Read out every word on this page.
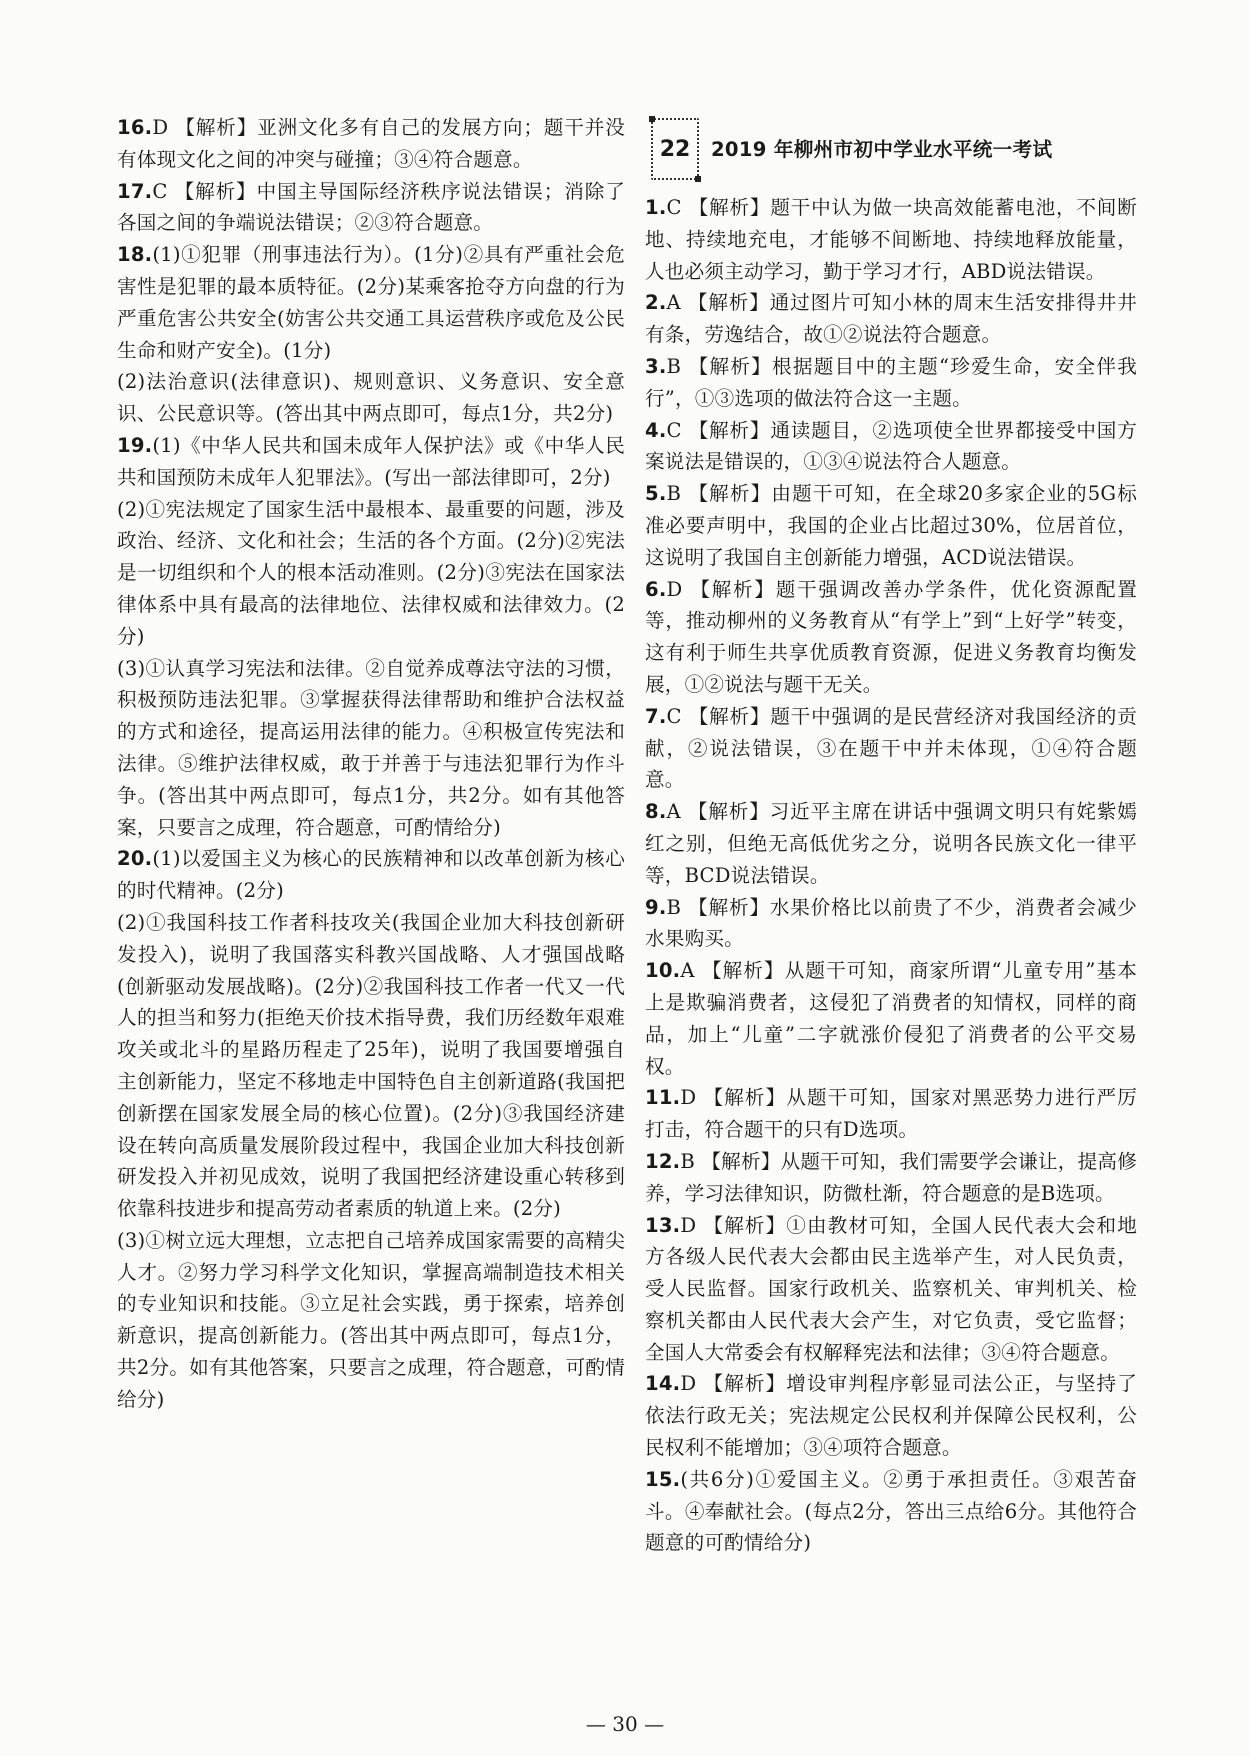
16.D 【解析】亚洲文化多有自己的发展方向；题干并没有体现文化之间的冲突与碰撞；③④符合题意。

17.C 【解析】中国主导国际经济秩序说法错误；消除了各国之间的争端说法错误；②③符合题意。

18.(1)①犯罪（刑事违法行为）。(1分)②具有严重社会危害性是犯罪的最本质特征。(2分)某乘客抢夺方向盘的行为严重危害公共安全(妨害公共交通工具运营秩序或危及公民生命和财产安全)。(1分)

(2)法治意识(法律意识)、规则意识、义务意识、安全意识、公民意识等。(答出其中两点即可，每点1分，共2分)

19.(1)《中华人民共和国未成年人保护法》或《中华人民共和国预防未成年人犯罪法》。(写出一部法律即可，2分)

(2)①宪法规定了国家生活中最根本、最重要的问题，涉及政治、经济、文化和社会；生活的各个方面。(2分)②宪法是一切组织和个人的根本活动准则。(2分)③宪法在国家法律体系中具有最高的法律地位、法律权威和法律效力。(2分)

(3)①认真学习宪法和法律。②自觉养成尊法守法的习惯，积极预防违法犯罪。③掌握获得法律帮助和维护合法权益的方式和途径，提高运用法律的能力。④积极宣传宪法和法律。⑤维护法律权威，敢于并善于与违法犯罪行为作斗争。(答出其中两点即可，每点1分，共2分。如有其他答案，只要言之成理，符合题意，可酌情给分)

20.(1)以爱国主义为核心的民族精神和以改革创新为核心的时代精神。(2分)

(2)①我国科技工作者科技攻关(我国企业加大科技创新研发投入)，说明了我国落实科教兴国战略、人才强国战略(创新驱动发展战略)。(2分)②我国科技工作者一代又一代人的担当和努力(拒绝天价技术指导费，我们历经数年艰难攻关或北斗的星路历程走了25年)，说明了我国要增强自主创新能力，坚定不移地走中国特色自主创新道路(我国把创新摆在国家发展全局的核心位置)。(2分)③我国经济建设在转向高质量发展阶段过程中，我国企业加大科技创新研发投入并初见成效，说明了我国把经济建设重心转移到依靠科技进步和提高劳动者素质的轨道上来。(2分)

(3)①树立远大理想，立志把自己培养成国家需要的高精尖人才。②努力学习科学文化知识，掌握高端制造技术相关的专业知识和技能。③立足社会实践，勇于探索，培养创新意识，提高创新能力。(答出其中两点即可，每点1分，共2分。如有其他答案，只要言之成理，符合题意，可酌情给分)

22 2019 年柳州市初中学业水平统一考试

1.C 【解析】题干中认为做一块高效能蓄电池，不间断地、持续地充电，才能够不间断地、持续地释放能量，人也必须主动学习，勤于学习才行，ABD说法错误。

2.A 【解析】通过图片可知小林的周末生活安排得井井有条，劳逸结合，故①②说法符合题意。

3.B 【解析】根据题目中的主题“珍爱生命，安全伴我行”，①③选项的做法符合这一主题。

4.C 【解析】通读题目，②选项使全世界都接受中国方案说法是错误的，①③④说法符合人题意。

5.B 【解析】由题干可知，在全球20多家企业的5G标准必要声明中，我国的企业占比超过30%，位居首位，这说明了我国自主创新能力增强，ACD说法错误。

6.D 【解析】题干强调改善办学条件，优化资源配置等，推动柳州的义务教育从“有学上”到“上好学”转变，这有利于师生共享优质教育资源，促进义务教育均衡发展，①②说法与题干无关。

7.C 【解析】题干中强调的是民营经济对我国经济的贡献，②说法错误，③在题干中并未体现，①④符合题意。

8.A 【解析】习近平主席在讲话中强调文明只有姹紫嫣红之别，但绝无高低优劣之分，说明各民族文化一律平等，BCD说法错误。

9.B 【解析】水果价格比以前贵了不少，消费者会减少水果购买。

10.A 【解析】从题干可知，商家所谓“儿童专用”基本上是欺骗消费者，这侵犯了消费者的知情权，同样的商品，加上“儿童”二字就涨价侵犯了消费者的公平交易权。

11.D 【解析】从题干可知，国家对黑恶势力进行严厉打击，符合题干的只有D选项。

12.B 【解析】从题干可知，我们需要学会谦让，提高修养，学习法律知识，防微杜渐，符合题意的是B选项。

13.D 【解析】①由教材可知，全国人民代表大会和地方各级人民代表大会都由民主选举产生，对人民负责，受人民监督。国家行政机关、监察机关、审判机关、检察机关都由人民代表大会产生，对它负责，受它监督；全国人大常委会有权解释宪法和法律；③④符合题意。

14.D 【解析】增设审判程序彰显司法公正，与坚持了依法行政无关；宪法规定公民权利并保障公民权利，公民权利不能增加；③④项符合题意。

15.(共6分)①爱国主义。②勇于承担责任。③艰苦奋斗。④奉献社会。(每点2分，答出三点给6分。其他符合题意的可酌情给分)

— 30 —
